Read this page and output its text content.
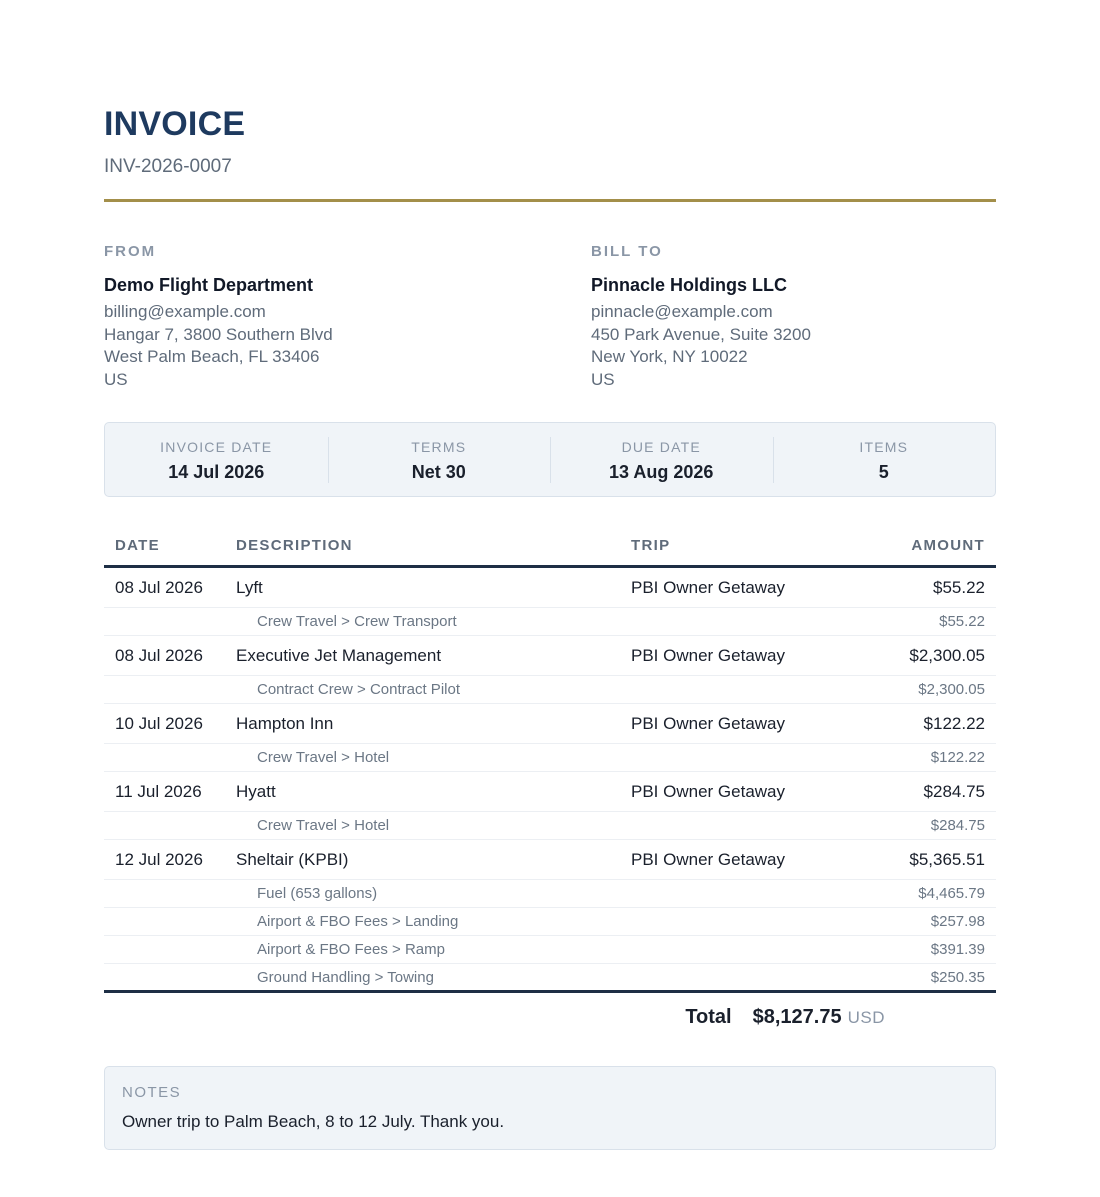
INVOICE
INV-2026-0007
FROM
Demo Flight Department
billing@example.com
Hangar 7, 3800 Southern Blvd
West Palm Beach, FL 33406
US
BILL TO
Pinnacle Holdings LLC
pinnacle@example.com
450 Park Avenue, Suite 3200
New York, NY 10022
US
INVOICE DATE
14 Jul 2026
TERMS
Net 30
DUE DATE
13 Aug 2026
ITEMS
5
DATE	DESCRIPTION	TRIP	AMOUNT
08 Jul 2026	Lyft	PBI Owner Getaway	$55.22
Crew Travel > Crew Transport	$55.22
08 Jul 2026	Executive Jet Management	PBI Owner Getaway	$2,300.05
Contract Crew > Contract Pilot	$2,300.05
10 Jul 2026	Hampton Inn	PBI Owner Getaway	$122.22
Crew Travel > Hotel	$122.22
11 Jul 2026	Hyatt	PBI Owner Getaway	$284.75
Crew Travel > Hotel	$284.75
12 Jul 2026	Sheltair (KPBI)	PBI Owner Getaway	$5,365.51
Fuel (653 gallons)	$4,465.79
Airport & FBO Fees > Landing	$257.98
Airport & FBO Fees > Ramp	$391.39
Ground Handling > Towing	$250.35
Total $8,127.75 USD
NOTES
Owner trip to Palm Beach, 8 to 12 July. Thank you.
